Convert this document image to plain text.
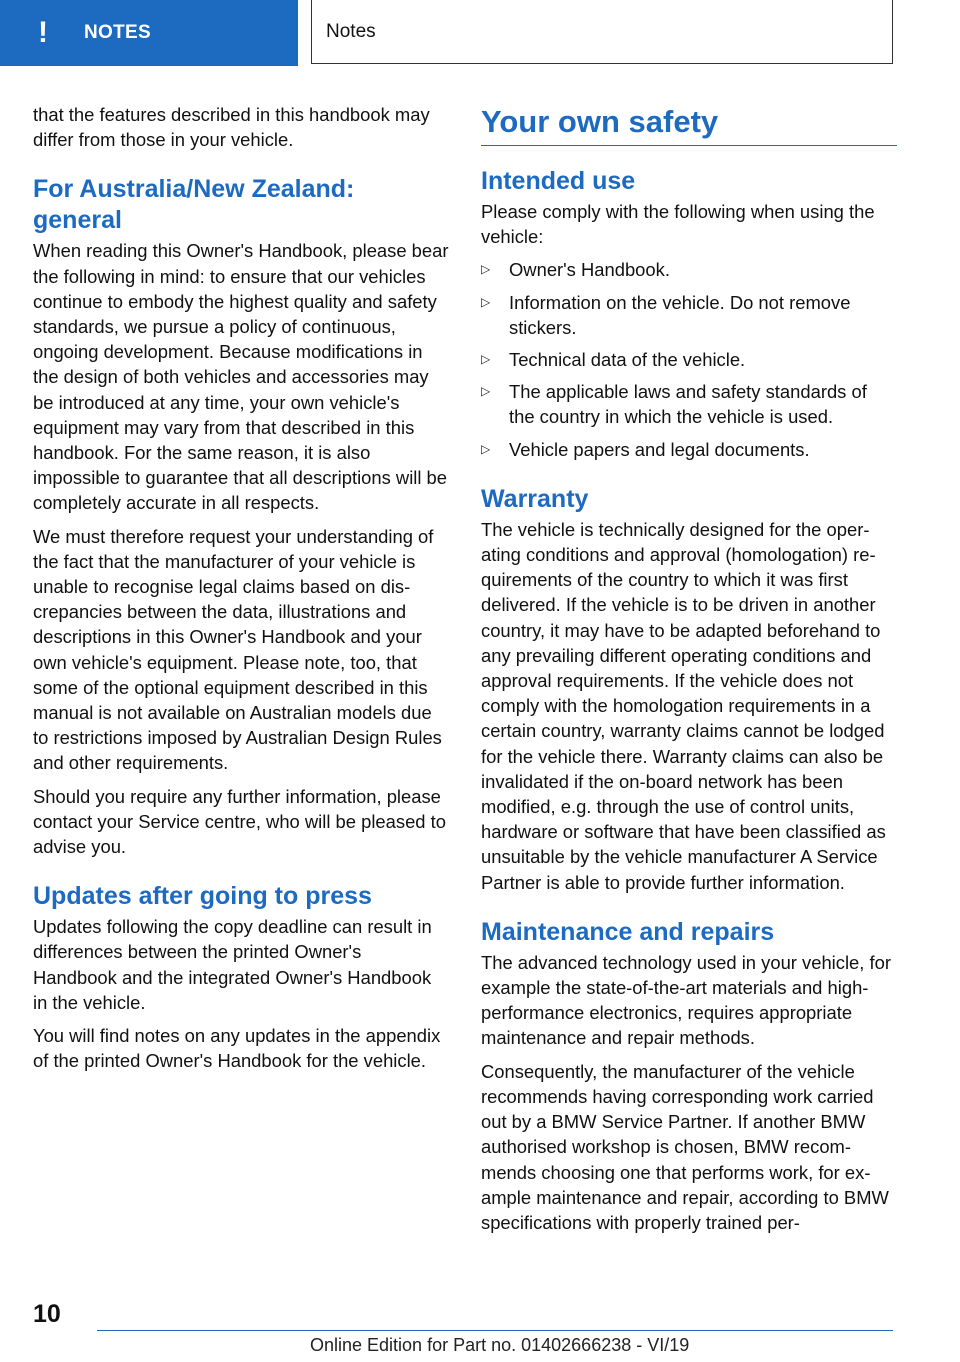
!	NOTES	Notes

that the features described in this handbook may differ from those in your vehicle.

For Australia/New Zealand: general

When reading this Owner's Handbook, please bear the following in mind: to ensure that our vehicles continue to embody the highest quality and safety standards, we pursue a policy of continuous, ongoing development. Because modifications in the design of both vehicles and accessories may be introduced at any time, your own vehicle's equipment may vary from that described in this handbook. For the same reason, it is also impossible to guarantee that all descriptions will be completely accurate in all respects.

We must therefore request your understanding of the fact that the manufacturer of your vehicle is unable to recognise legal claims based on discrepancies between the data, illustrations and descriptions in this Owner's Handbook and your own vehicle's equipment. Please note, too, that some of the optional equipment described in this manual is not available on Australian models due to restrictions imposed by Australian Design Rules and other requirements.

Should you require any further information, please contact your Service centre, who will be pleased to advise you.

Updates after going to press

Updates following the copy deadline can result in differences between the printed Owner's Handbook and the integrated Owner's Handbook in the vehicle.

You will find notes on any updates in the appendix of the printed Owner's Handbook for the vehicle.

Your own safety
Intended use

Please comply with the following when using the vehicle:

▷ Owner's Handbook.
▷ Information on the vehicle. Do not remove stickers.
▷ Technical data of the vehicle.
▷ The applicable laws and safety standards of the country in which the vehicle is used.
▷ Vehicle papers and legal documents.
Warranty

The vehicle is technically designed for the operating conditions and approval (homologation) requirements of the country to which it was first delivered. If the vehicle is to be driven in another country, it may have to be adapted beforehand to any prevailing different operating conditions and approval requirements. If the vehicle does not comply with the homologation requirements in a certain country, warranty claims cannot be lodged for the vehicle there. Warranty claims can also be invalidated if the on-board network has been modified, e.g. through the use of control units, hardware or software that have been classified as unsuitable by the vehicle manufacturer A Service Partner is able to provide further information.

Maintenance and repairs

The advanced technology used in your vehicle, for example the state-of-the-art materials and high-performance electronics, requires appropriate maintenance and repair methods.

Consequently, the manufacturer of the vehicle recommends having corresponding work carried out by a BMW Service Partner. If another BMW authorised workshop is chosen, BMW recommends choosing one that performs work, for example maintenance and repair, according to BMW specifications with properly trained per-

10
Online Edition for Part no. 01402666238 - VI/19
